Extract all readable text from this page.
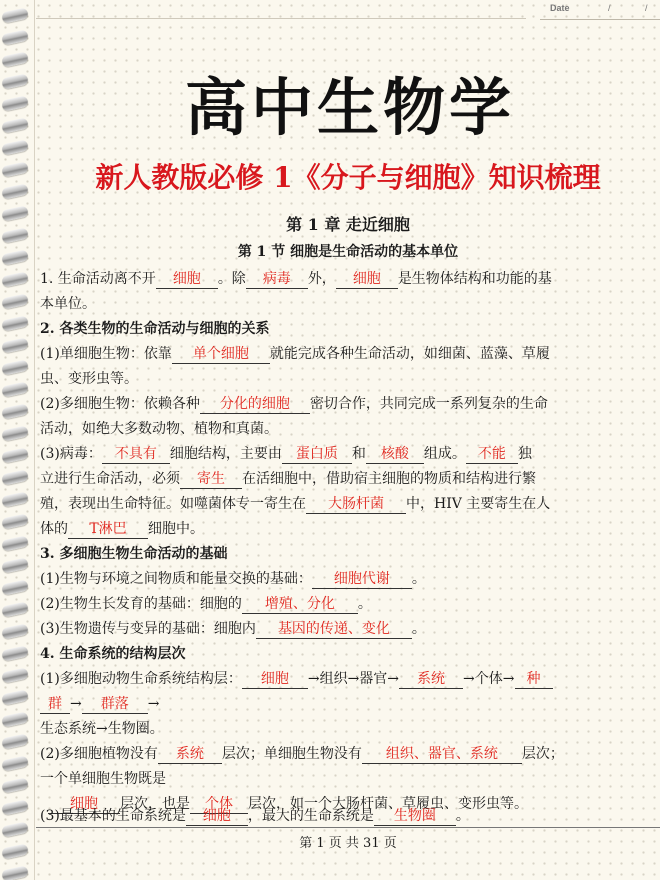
Date	/	/
高中生物学
新人教版必修 1《分子与细胞》知识梳理
第 1 章 走近细胞
第 1 节 细胞是生命活动的基本单位
1. 生命活动离不开 细胞 。除 病毒 外， 细胞 是生物体结构和功能的基
本单位。
2. 各类生物的生命活动与细胞的关系
(1)单细胞生物：依靠 单个细胞 就能完成各种生命活动，如细菌、蓝藻、草履
虫、变形虫等。
(2)多细胞生物：依赖各种 分化的细胞 密切合作，共同完成一系列复杂的生命
活动，如绝大多数动物、植物和真菌。
(3)病毒： 不具有 细胞结构，主要由 蛋白质 和 核酸 组成。 不能 独
立进行生命活动，必须 寄生 在活细胞中，借助宿主细胞的物质和结构进行繁
殖，表现出生命特征。如噬菌体专一寄生在 大肠杆菌 中，HIV 主要寄生在人
体的 T淋巴 细胞中。
3. 多细胞生物生命活动的基础
(1)生物与环境之间物质和能量交换的基础： 细胞代谢 。
(2)生物生长发育的基础：细胞的 增殖、分化 。
(3)生物遗传与变异的基础：细胞内 基因的传递、变化 。
4. 生命系统的结构层次
(1)多细胞动物生命系统结构层： 细胞 →组织→器官→ 系统 →个体→ 种
群 → 群落 →
生态系统→生物圈。
(2)多细胞植物没有 系统 层次；单细胞生物没有 组织、器官、系统 层次；
一个单细胞生物既是
细胞 层次，也是 个体 层次，如一个大肠杆菌、草履虫、变形虫等。
(3)最基本的生命系统是 细胞 ，最大的生命系统是 生物圈 。
第 1 页 共 31 页
